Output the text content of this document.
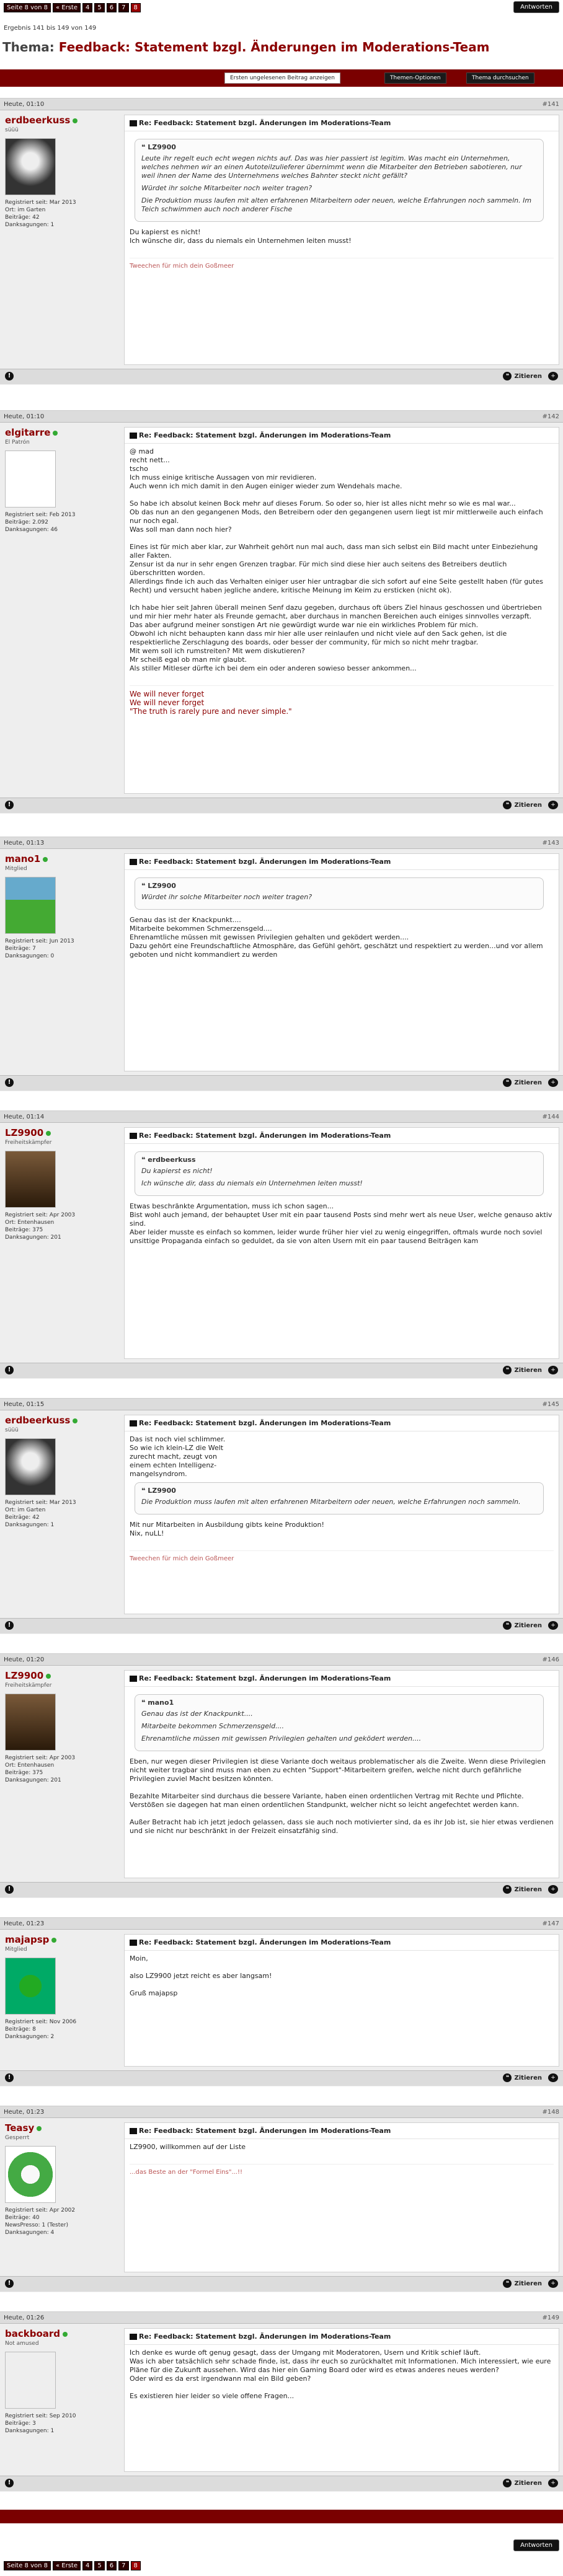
Seite 8 von 8	« Erste	4	5	6	7	8	Antworten
Ergebnis 141 bis 149 von 149
Thema: Feedback: Statement bzgl. Änderungen im Moderations-Team
Ersten ungelesenen Beitrag anzeigen	Themen-Optionen	Thema durchsuchen
Heute, 01:10	#141
erdbeerkuss
süüü
Registriert seit: Mar 2013
Ort: im Garten
Beiträge: 42
Danksagungen: 1
Re: Feedback: Statement bzgl. Änderungen im Moderations-Team
❝ LZ9900
Leute ihr regelt euch echt wegen nichts auf. Das was hier passiert ist legitim. Was macht ein Unternehmen, welches nehmen wir an einen Autoteilzulieferer übernimmt wenn die Mitarbeiter den Betrieben sabotieren, nur weil ihnen der Name des Unternehmens welches Bahnter steckt nicht gefällt?
Würdet ihr solche Mitarbeiter noch weiter tragen?
Die Produktion muss laufen mit alten erfahrenen Mitarbeitern oder neuen, welche Erfahrungen noch sammeln. Im Teich schwimmen auch noch anderer Fische
Du kapierst es nicht!
Ich wünsche dir, dass du niemals ein Unternehmen leiten musst!
Tweechen für mich dein Goßmeer
!	❝ Zitieren	+
Heute, 01:10	#142
elgitarre
El Patrón
Registriert seit: Feb 2013
Beiträge: 2.092
Danksagungen: 46
Re: Feedback: Statement bzgl. Änderungen im Moderations-Team
@ mad
recht nett...
tscho
Ich muss einige kritische Aussagen von mir revidieren.
Auch wenn ich mich damit in den Augen einiger wieder zum Wendehals mache.
So habe ich absolut keinen Bock mehr auf dieses Forum. So oder so, hier ist alles nicht mehr so wie es mal war...
Ob das nun an den gegangenen Mods, den Betreibern oder den gegangenen usern liegt ist mir mittlerweile auch einfach nur noch egal.
Was soll man dann noch hier?
Eines ist für mich aber klar, zur Wahrheit gehört nun mal auch, dass man sich selbst ein Bild macht unter Einbeziehung aller Fakten.
Zensur ist da nur in sehr engen Grenzen tragbar. Für mich sind diese hier auch seitens des Betreibers deutlich überschritten worden.
Allerdings finde ich auch das Verhalten einiger user hier untragbar die sich sofort auf eine Seite gestellt haben (für gutes Recht) und versucht haben jegliche andere, kritische Meinung im Keim zu ersticken (nicht ok).
Ich habe hier seit Jahren überall meinen Senf dazu gegeben, durchaus oft übers Ziel hinaus geschossen und übertrieben und mir hier mehr hater als Freunde gemacht, aber durchaus in manchen Bereichen auch einiges sinnvolles verzapft.
Das aber aufgrund meiner sonstigen Art nie gewürdigt wurde war nie ein wirkliches Problem für mich.
Obwohl ich nicht behaupten kann dass mir hier alle user reinlaufen und nicht viele auf den Sack gehen, ist die respektierliche Zerschlagung des boards, oder besser der community, für mich so nicht mehr tragbar.
Mit wem soll ich rumstreiten? Mit wem diskutieren?
Mr scheiß egal ob man mir glaubt.
Als stiller Mitleser dürfte ich bei dem ein oder anderen sowieso besser ankommen...
We will never forget
We will never forget
"The truth is rarely pure and never simple."
!	❝ Zitieren	+
Heute, 01:13	#143
mano1
Mitglied
Registriert seit: Jun 2013
Beiträge: 7
Danksagungen: 0
Re: Feedback: Statement bzgl. Änderungen im Moderations-Team
❝ LZ9900
Würdet ihr solche Mitarbeiter noch weiter tragen?
Genau das ist der Knackpunkt....
Mitarbeite bekommen Schmerzensgeld....
Ehrenamtliche müssen mit gewissen Privilegien gehalten und geködert werden....
Dazu gehört eine Freundschaftliche Atmosphäre, das Gefühl gehört, geschätzt und respektiert zu werden...und vor allem geboten und nicht kommandiert zu werden
!	❝ Zitieren	+
Heute, 01:14	#144
LZ9900
Freiheitskämpfer
Registriert seit: Apr 2003
Ort: Entenhausen
Beiträge: 375
Danksagungen: 201
Re: Feedback: Statement bzgl. Änderungen im Moderations-Team
❝ erdbeerkuss
Du kapierst es nicht!
Ich wünsche dir, dass du niemals ein Unternehmen leiten musst!
Etwas beschränkte Argumentation, muss ich schon sagen...
Bist wohl auch jemand, der behauptet User mit ein paar tausend Posts sind mehr wert als neue User, welche genauso aktiv sind.
Aber leider musste es einfach so kommen, leider wurde früher hier viel zu wenig eingegriffen, oftmals wurde noch soviel unsittige Propaganda einfach so geduldet, da sie von alten Usern mit ein paar tausend Beiträgen kam
!	❝ Zitieren	+
Heute, 01:15	#145
erdbeerkuss
süüü
Registriert seit: Mar 2013
Ort: im Garten
Beiträge: 42
Danksagungen: 1
Re: Feedback: Statement bzgl. Änderungen im Moderations-Team
Das ist noch viel schlimmer.
So wie ich klein-LZ die Welt
zurecht macht, zeugt von
einem echten Intelligenz-
mangelsyndrom.
❝ LZ9900
Die Produktion muss laufen mit alten erfahrenen Mitarbeitern oder neuen, welche Erfahrungen noch sammeln.
Mit nur Mitarbeiten in Ausbildung gibts keine Produktion!
Nix, nuLL!
Tweechen für mich dein Goßmeer
!	❝ Zitieren	+
Heute, 01:20	#146
LZ9900
Freiheitskämpfer
Registriert seit: Apr 2003
Ort: Entenhausen
Beiträge: 375
Danksagungen: 201
Re: Feedback: Statement bzgl. Änderungen im Moderations-Team
❝ mano1
Genau das ist der Knackpunkt....
Mitarbeite bekommen Schmerzensgeld....
Ehrenamtliche müssen mit gewissen Privilegien gehalten und geködert werden....
Eben, nur wegen dieser Privilegien ist diese Variante doch weitaus problematischer als die Zweite. Wenn diese Privilegien nicht weiter tragbar sind muss man eben zu echten "Support"-Mitarbeitern greifen, welche nicht durch gefährliche Privilegien zuviel Macht besitzen könnten.
Bezahlte Mitarbeiter sind durchaus die bessere Variante, haben einen ordentlichen Vertrag mit Rechte und Pflichte. Verstößen sie dagegen hat man einen ordentlichen Standpunkt, welcher nicht so leicht angefechtet werden kann.
Außer Betracht hab ich jetzt jedoch gelassen, dass sie auch noch motivierter sind, da es ihr Job ist, sie hier etwas verdienen und sie nicht nur beschränkt in der Freizeit einsatzfähig sind.
!	❝ Zitieren	+
Heute, 01:23	#147
majapsp
Mitglied
Registriert seit: Nov 2006
Beiträge: 8
Danksagungen: 2
Re: Feedback: Statement bzgl. Änderungen im Moderations-Team
Moin,
also LZ9900 jetzt reicht es aber langsam!
Gruß majapsp
!	❝ Zitieren	+
Heute, 01:23	#148
Teasy
Gesperrt
Registriert seit: Apr 2002
Beiträge: 40
NewsPresso: 1 (Tester)
Danksagungen: 4
Re: Feedback: Statement bzgl. Änderungen im Moderations-Team
LZ9900, willkommen auf der Liste
...das Beste an der "Formel Eins"...!!
!	❝ Zitieren	+
Heute, 01:26	#149
backboard
Not amused
Registriert seit: Sep 2010
Beiträge: 3
Danksagungen: 1
Re: Feedback: Statement bzgl. Änderungen im Moderations-Team
Ich denke es wurde oft genug gesagt, dass der Umgang mit Moderatoren, Usern und Kritik schief läuft.
Was ich aber tatsächlich sehr schade finde, ist, dass ihr euch so zurückhaltet mit Informationen. Mich interessiert, wie eure Pläne für die Zukunft aussehen. Wird das hier ein Gaming Board oder wird es etwas anderes neues werden?
Oder wird es da erst irgendwann mal ein Bild geben?
Es existieren hier leider so viele offene Fragen...
!	❝ Zitieren	+
Seite 8 von 8	« Erste	4	5	6	7	8
Antworten
